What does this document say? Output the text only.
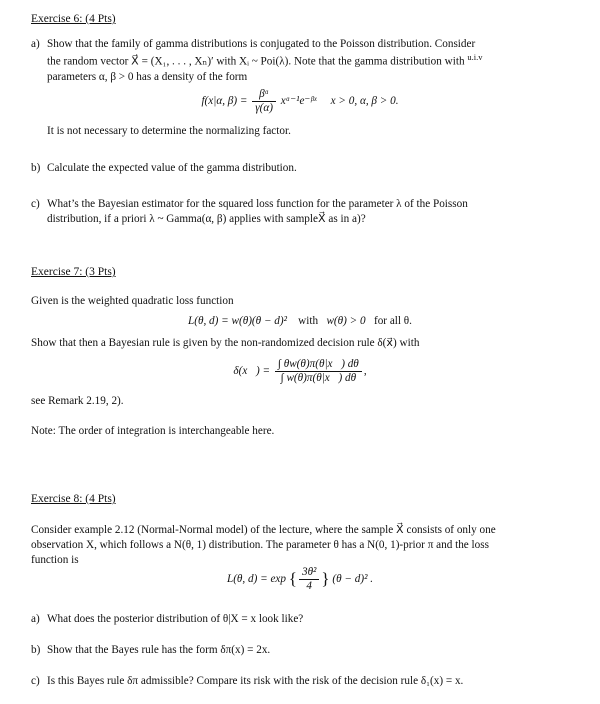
Exercise 6: (4 Pts)
a) Show that the family of gamma distributions is conjugated to the Poisson distribution. Consider
the random vector X⃗ = (X₁, . . . , Xₙ)′ with Xᵢ ~ Poi(λ). Note that the gamma distribution with $^{u.i.v}$
parameters α, β > 0 has a density of the form
f(x|α, $\beta) = \frac{\text{βᵅ}}{\gamma(\alpha)}$ xᵅ⁻¹e⁻ᵝˣ x > 0, α, β > 0.
It is not necessary to determine the normalizing factor.
b) Calculate the expected value of the gamma distribution.
c) What’s the Bayesian estimator for the squared loss function for the parameter λ of the Poisson
distribution, if a priori λ ~ Gamma(α, β) applies with sampleX⃗ as in a)?
Exercise 7: (3 Pts)
Given is the weighted quadratic loss function
L(θ, d) = w(θ)(θ − d)² with w(θ) > 0 for all θ.
Show that then a Bayesian rule is given by the non-randomized decision rule δ(x⃗) with
δ(x⃗) = $\frac{\int \theta w(\theta)\pi(\theta|x⃗) d\theta}{\int w(\theta)\pi(\theta|x⃗) d\theta}$ ,
see Remark 2.19, 2).
Note: The order of integration is interchangeable here.
Exercise 8: (4 Pts)
Consider example 2.12 (Normal-Normal model) of the lecture, where the sample X⃗ consists of only one
observation X, which follows a N(θ, 1) distribution. The parameter θ has a N(0, 1)-prior π and the loss
function is
L(θ, d) = exp { $\frac{\text{3θ²}}{4}$ } (θ − d)² .
a) What does the posterior distribution of θ|X = x look like?
b) Show that the Bayes rule has the form δπ(x) = 2x.
c) Is this Bayes rule δπ admissible? Compare its risk with the risk of the decision rule δ₁(x) = x.
